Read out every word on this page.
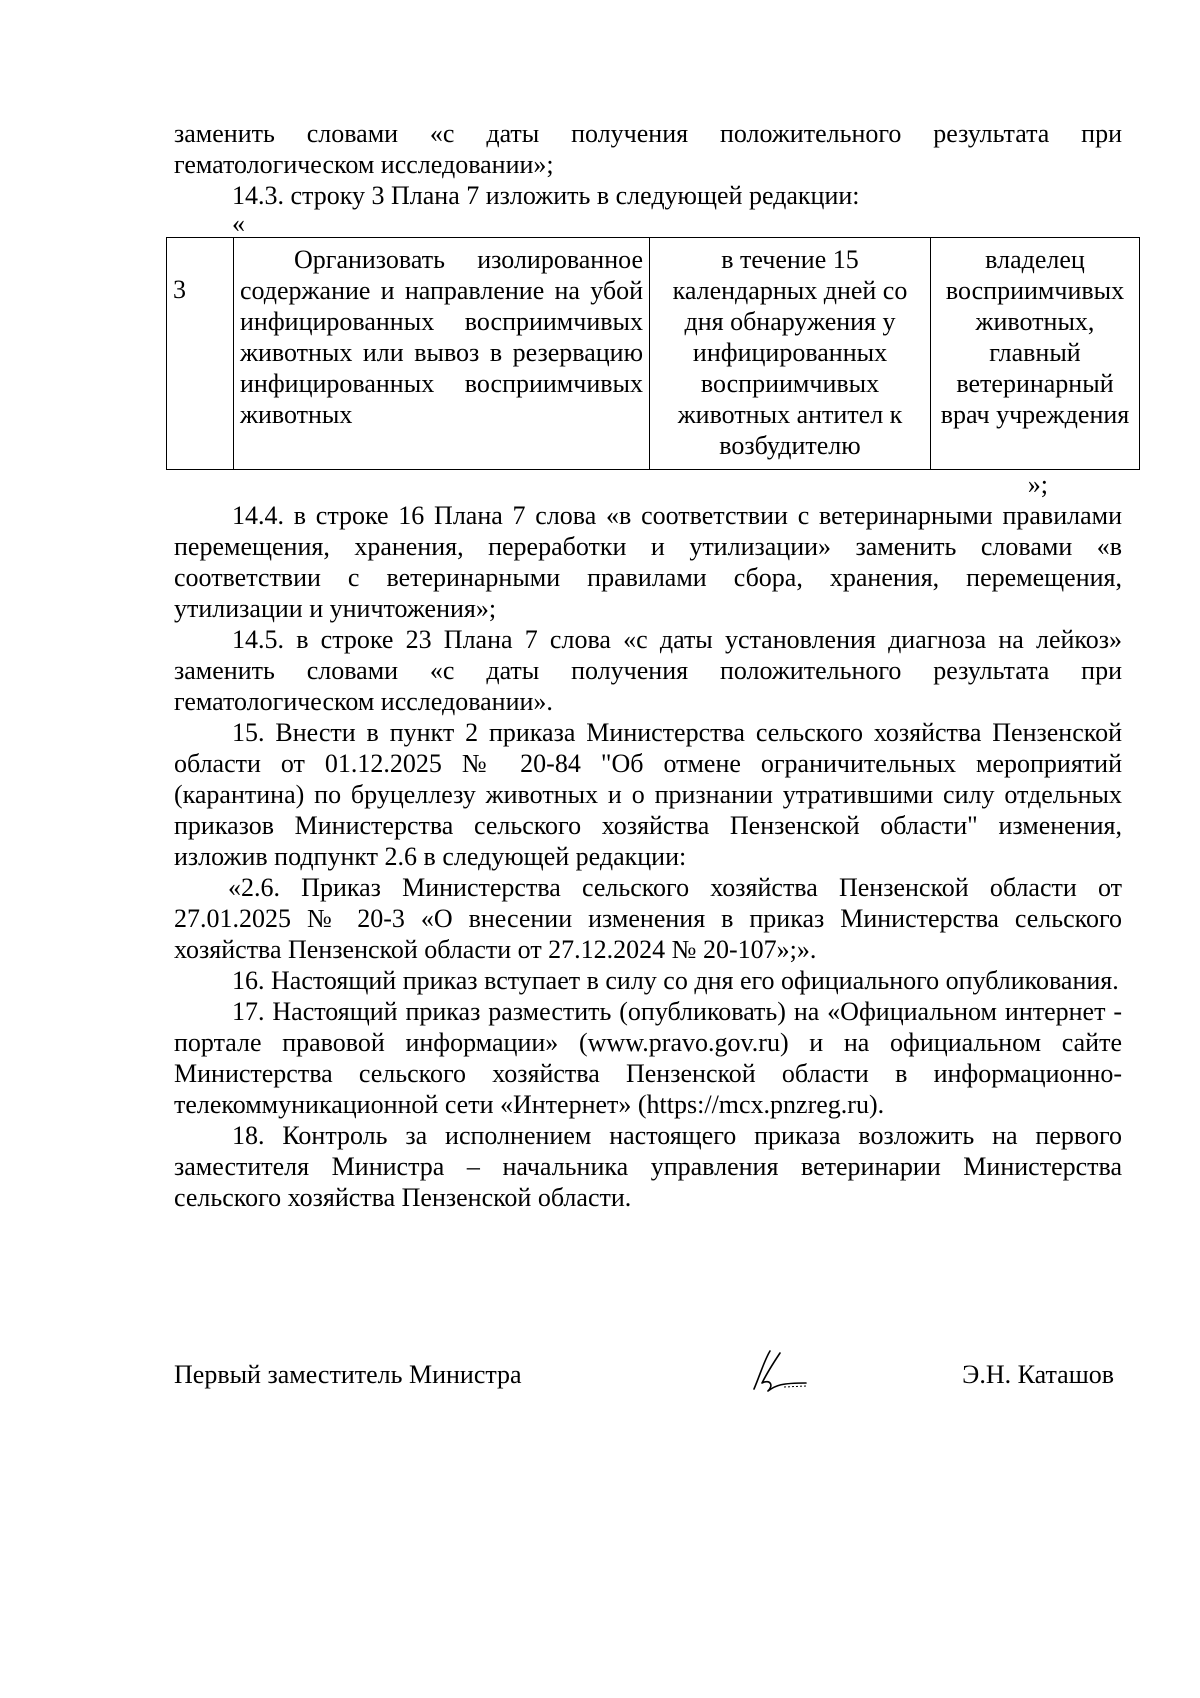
заменить словами «с даты получения положительного результата при гематологическом исследовании»;

14.3. строку 3 Плана 7 изложить в следующей редакции:

«
3	Организовать изолированное содержание и направление на убой инфицированных восприимчивых животных или вывоз в резервацию инфицированных восприимчивых животных	в течение 15 календарных дней со дня обнаружения у инфицированных восприимчивых животных антител к возбудителю	владелец восприимчивых животных, главный ветеринарный врач учреждения
»;

14.4. в строке 16 Плана 7 слова «в соответствии с ветеринарными правилами перемещения, хранения, переработки и утилизации» заменить словами «в соответствии с ветеринарными правилами сбора, хранения, перемещения, утилизации и уничтожения»;

14.5. в строке 23 Плана 7 слова «с даты установления диагноза на лейкоз» заменить словами «с даты получения положительного результата при гематологическом исследовании».

15. Внести в пункт 2 приказа Министерства сельского хозяйства Пензенской области от 01.12.2025 № 20-84 "Об отмене ограничительных мероприятий (карантина) по бруцеллезу животных и о признании утратившими силу отдельных приказов Министерства сельского хозяйства Пензенской области" изменения, изложив подпункт 2.6 в следующей редакции:

«2.6. Приказ Министерства сельского хозяйства Пензенской области от 27.01.2025 № 20-3 «О внесении изменения в приказ Министерства сельского хозяйства Пензенской области от 27.12.2024 № 20-107»;».

16. Настоящий приказ вступает в силу со дня его официального опубликования.

17. Настоящий приказ разместить (опубликовать) на «Официальном интернет - портале правовой информации» (www.pravo.gov.ru) и на официальном сайте Министерства сельского хозяйства Пензенской области в информационно-телекоммуникационной сети «Интернет» (https://mcx.pnzreg.ru).

18. Контроль за исполнением настоящего приказа возложить на первого заместителя Министра – начальника управления ветеринарии Министерства сельского хозяйства Пензенской области.

Первый заместитель Министра	Э.Н. Каташов
